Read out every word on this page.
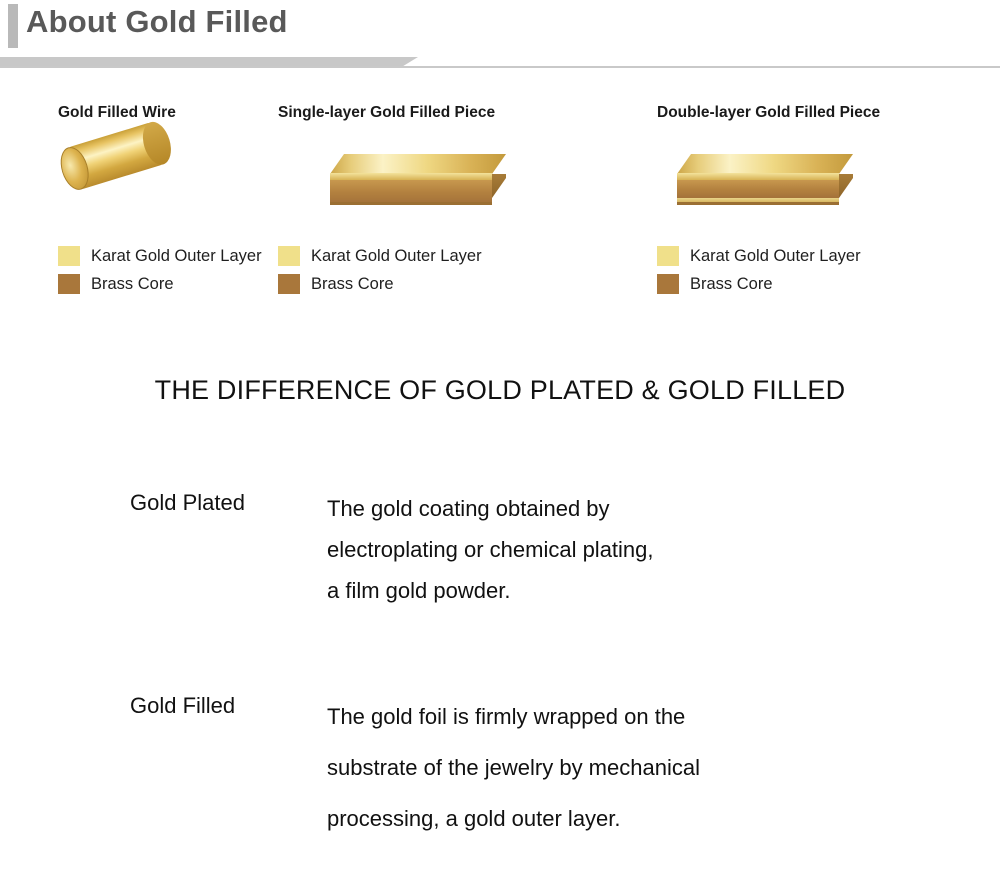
About Gold Filled
Gold Filled Wire
Karat Gold Outer Layer
Brass Core
Single-layer Gold Filled Piece
Karat Gold Outer Layer
Brass Core
Double-layer Gold Filled Piece
Karat Gold Outer Layer
Brass Core
THE DIFFERENCE OF GOLD PLATED & GOLD FILLED
Gold Plated	The gold coating obtained by
electroplating or chemical plating,
a film gold powder.
Gold Filled	The gold foil is firmly wrapped on the
substrate of the jewelry by mechanical
processing, a gold outer layer.
